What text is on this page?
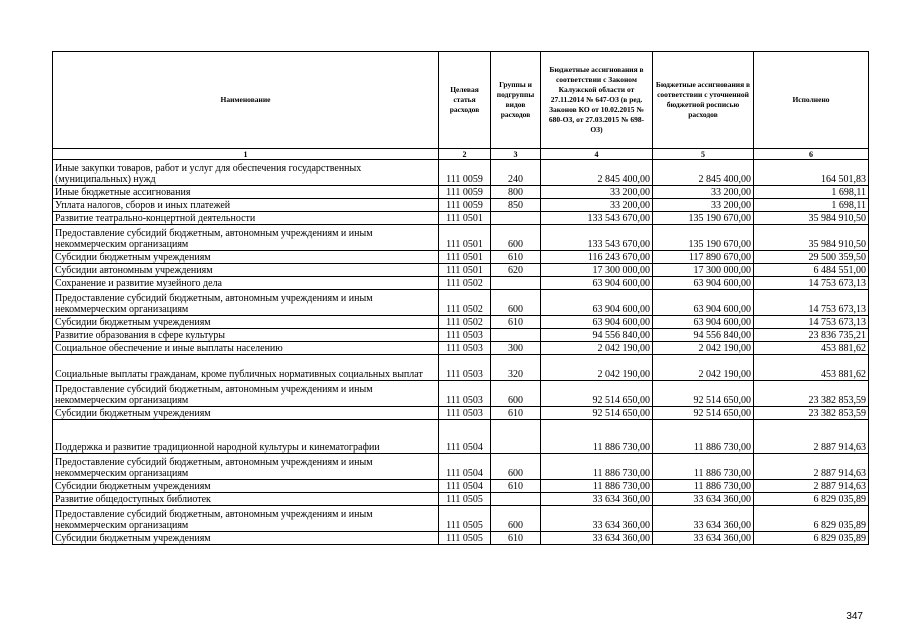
Наименование	Целевая статья расходов	Группы и подгруппы видов расходов	Бюджетные ассигнования в соответствии с Законом Калужской области от 27.11.2014 № 647-ОЗ (в ред. Законов КО от 10.02.2015 № 680-ОЗ, от 27.03.2015 № 698-ОЗ)	Бюджетные ассигнования в соответствии с уточненной бюджетной росписью расходов	Исполнено
1	2	3	4	5	6
Иные закупки товаров, работ и услуг для обеспечения государственных (муниципальных) нужд	111 0059	240	2 845 400,00	2 845 400,00	164 501,83
Иные бюджетные ассигнования	111 0059	800	33 200,00	33 200,00	1 698,11
Уплата налогов, сборов и иных платежей	111 0059	850	33 200,00	33 200,00	1 698,11
Развитие театрально-концертной деятельности	111 0501		133 543 670,00	135 190 670,00	35 984 910,50
Предоставление субсидий бюджетным, автономным учреждениям и иным некоммерческим организациям	111 0501	600	133 543 670,00	135 190 670,00	35 984 910,50
Субсидии бюджетным учреждениям	111 0501	610	116 243 670,00	117 890 670,00	29 500 359,50
Субсидии автономным учреждениям	111 0501	620	17 300 000,00	17 300 000,00	6 484 551,00
Сохранение и развитие музейного дела	111 0502		63 904 600,00	63 904 600,00	14 753 673,13
Предоставление субсидий бюджетным, автономным учреждениям и иным некоммерческим организациям	111 0502	600	63 904 600,00	63 904 600,00	14 753 673,13
Субсидии бюджетным учреждениям	111 0502	610	63 904 600,00	63 904 600,00	14 753 673,13
Развитие образования в сфере культуры	111 0503		94 556 840,00	94 556 840,00	23 836 735,21
Социальное обеспечение и иные выплаты населению	111 0503	300	2 042 190,00	2 042 190,00	453 881,62
Социальные выплаты гражданам, кроме публичных нормативных социальных выплат	111 0503	320	2 042 190,00	2 042 190,00	453 881,62
Предоставление субсидий бюджетным, автономным учреждениям и иным некоммерческим организациям	111 0503	600	92 514 650,00	92 514 650,00	23 382 853,59
Субсидии бюджетным учреждениям	111 0503	610	92 514 650,00	92 514 650,00	23 382 853,59
Поддержка и развитие традиционной народной культуры и кинематографии	111 0504		11 886 730,00	11 886 730,00	2 887 914,63
Предоставление субсидий бюджетным, автономным учреждениям и иным некоммерческим организациям	111 0504	600	11 886 730,00	11 886 730,00	2 887 914,63
Субсидии бюджетным учреждениям	111 0504	610	11 886 730,00	11 886 730,00	2 887 914,63
Развитие общедоступных библиотек	111 0505		33 634 360,00	33 634 360,00	6 829 035,89
Предоставление субсидий бюджетным, автономным учреждениям и иным некоммерческим организациям	111 0505	600	33 634 360,00	33 634 360,00	6 829 035,89
Субсидии бюджетным учреждениям	111 0505	610	33 634 360,00	33 634 360,00	6 829 035,89
347
